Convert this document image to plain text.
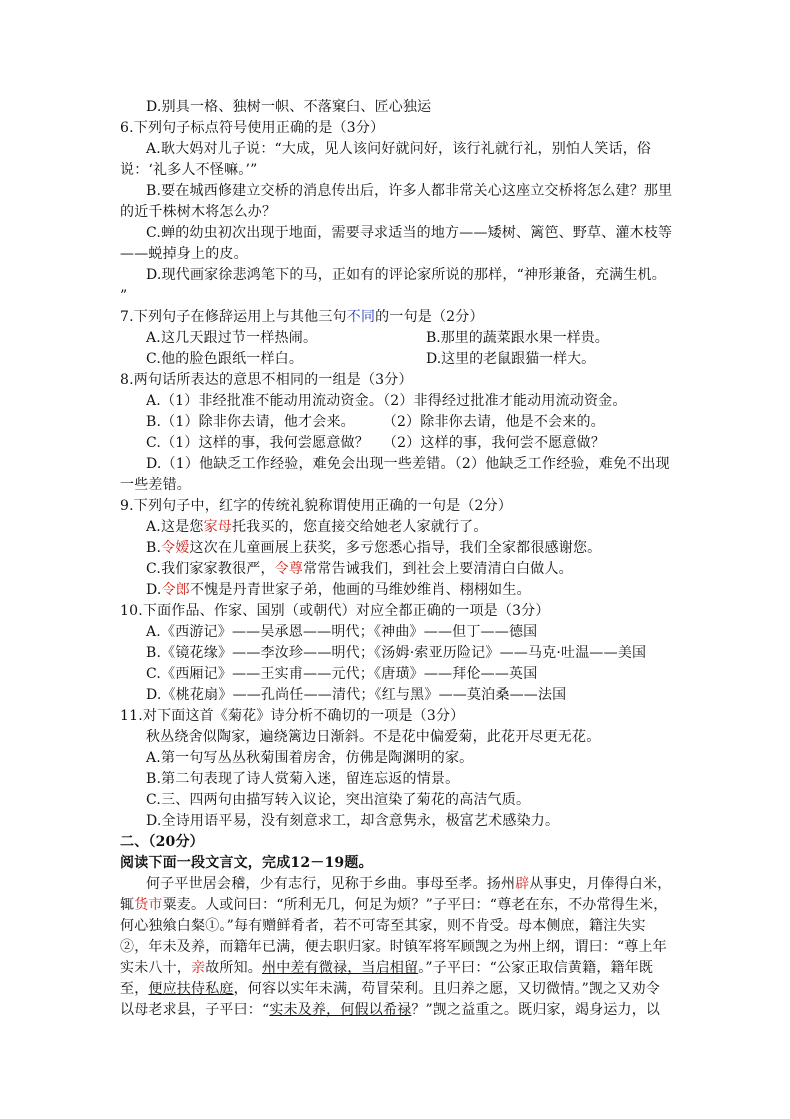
D.别具一格、独树一帜、不落窠臼、匠心独运
6.下列句子标点符号使用正确的是（3分）
A.耿大妈对儿子说：“大成，见人该问好就问好，该行礼就行礼，别怕人笑话，俗
说：‘礼多人不怪嘛。’”
B.要在城西修建立交桥的消息传出后，许多人都非常关心这座立交桥将怎么建？那里
的近千株树木将怎么办？
C.蝉的幼虫初次出现于地面，需要寻求适当的地方——矮树、篱笆、野草、灌木枝等
——蜕掉身上的皮。
D.现代画家徐悲鸿笔下的马，正如有的评论家所说的那样，“神形兼备，充满生机。
”
7.下列句子在修辞运用上与其他三句不同的一句是（2分）
A.这几天跟过节一样热闹。	B.那里的蔬菜跟水果一样贵。
C.他的脸色跟纸一样白。	D.这里的老鼠跟猫一样大。
8.两句话所表达的意思不相同的一组是（3分）
A.（1）非经批准不能动用流动资金。（2）非得经过批准才能动用流动资金。
B.（1）除非你去请，他才会来。      （2）除非你去请，他是不会来的。
C.（1）这样的事，我何尝愿意做？   （2）这样的事，我何尝不愿意做？
D.（1）他缺乏工作经验，难免会出现一些差错。（2）他缺乏工作经验，难免不出现
一些差错。
9.下列句子中，红字的传统礼貌称谓使用正确的一句是（2分）
A.这是您家母托我买的，您直接交给她老人家就行了。
B.令嫒这次在儿童画展上获奖，多亏您悉心指导，我们全家都很感谢您。
C.我们家家教很严，令尊常常告诫我们，到社会上要清清白白做人。
D.令郎不愧是丹青世家子弟，他画的马维妙维肖、栩栩如生。
10.下面作品、作家、国别（或朝代）对应全都正确的一项是（3分）
A.《西游记》——吴承恩——明代；《神曲》——但丁——德国
B.《镜花缘》——李汝珍——明代；《汤姆·索亚历险记》——马克·吐温——美国
C.《西厢记》——王实甫——元代；《唐璜》——拜伦——英国
D.《桃花扇》——孔尚任——清代；《红与黑》——莫泊桑——法国
11.对下面这首《菊花》诗分析不确切的一项是（3分）
秋丛绕舍似陶家，遍绕篱边日渐斜。不是花中偏爱菊，此花开尽更无花。
A.第一句写丛丛秋菊围着房舍，仿佛是陶渊明的家。
B.第二句表现了诗人赏菊入迷，留连忘返的情景。
C.三、四两句由描写转入议论，突出渲染了菊花的高洁气质。
D.全诗用语平易，没有刻意求工，却含意隽永，极富艺术感染力。
二、（20分）
阅读下面一段文言文，完成12－19题。
何子平世居会稽，少有志行，见称于乡曲。事母至孝。扬州辟从事史，月俸得白米，
辄货市粟麦。人或问曰：“所利无几，何足为烦？”子平曰：“尊老在东，不办常得生米，
何心独飨白粲①。”每有赠鲜肴者，若不可寄至其家，则不肯受。母本侧庶，籍注失实
②，年未及养，而籍年已满，便去职归家。时镇军将军顾觊之为州上纲，谓曰：“尊上年
实未八十，亲故所知。州中差有微禄，当启相留。”子平曰：“公家正取信黄籍，籍年既
至，便应扶侍私庭，何容以实年未满，苟冒荣利。且归养之愿，又切微情。”觊之又劝令
以母老求县，子平曰：“实未及养，何假以希禄？”觊之益重之。既归家，竭身运力，以
